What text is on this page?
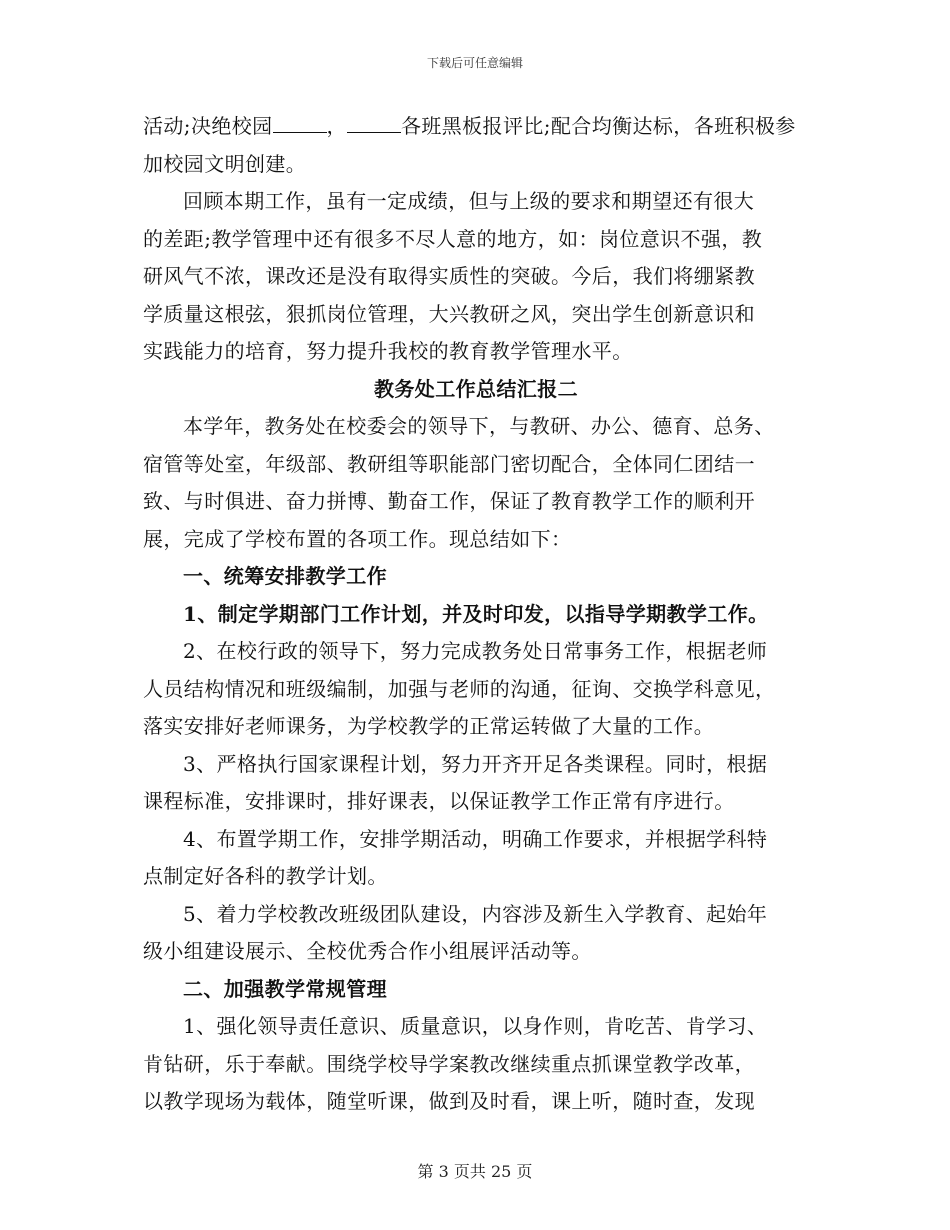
下载后可任意编辑
活动;决绝校园	，	各班黑板报评比;配合均衡达标，各班积极参
加校园文明创建。
回顾本期工作，虽有一定成绩，但与上级的要求和期望还有很大
的差距;教学管理中还有很多不尽人意的地方，如：岗位意识不强，教
研风气不浓，课改还是没有取得实质性的突破。今后，我们将绷紧教
学质量这根弦，狠抓岗位管理，大兴教研之风，突出学生创新意识和
实践能力的培育，努力提升我校的教育教学管理水平。
教务处工作总结汇报二
本学年，教务处在校委会的领导下，与教研、办公、德育、总务、
宿管等处室，年级部、教研组等职能部门密切配合，全体同仁团结一
致、与时俱进、奋力拼博、勤奋工作，保证了教育教学工作的顺利开
展，完成了学校布置的各项工作。现总结如下：
一、统筹安排教学工作
1、制定学期部门工作计划，并及时印发，以指导学期教学工作。
2、在校行政的领导下，努力完成教务处日常事务工作，根据老师
人员结构情况和班级编制，加强与老师的沟通，征询、交换学科意见，
落实安排好老师课务，为学校教学的正常运转做了大量的工作。
3、严格执行国家课程计划，努力开齐开足各类课程。同时，根据
课程标准，安排课时，排好课表，以保证教学工作正常有序进行。
4、布置学期工作，安排学期活动，明确工作要求，并根据学科特
点制定好各科的教学计划。
5、着力学校教改班级团队建设，内容涉及新生入学教育、起始年
级小组建设展示、全校优秀合作小组展评活动等。
二、加强教学常规管理
1、强化领导责任意识、质量意识，以身作则，肯吃苦、肯学习、
肯钻研，乐于奉献。围绕学校导学案教改继续重点抓课堂教学改革，
以教学现场为载体，随堂听课，做到及时看，课上听，随时查，发现
第 3 页共 25 页
